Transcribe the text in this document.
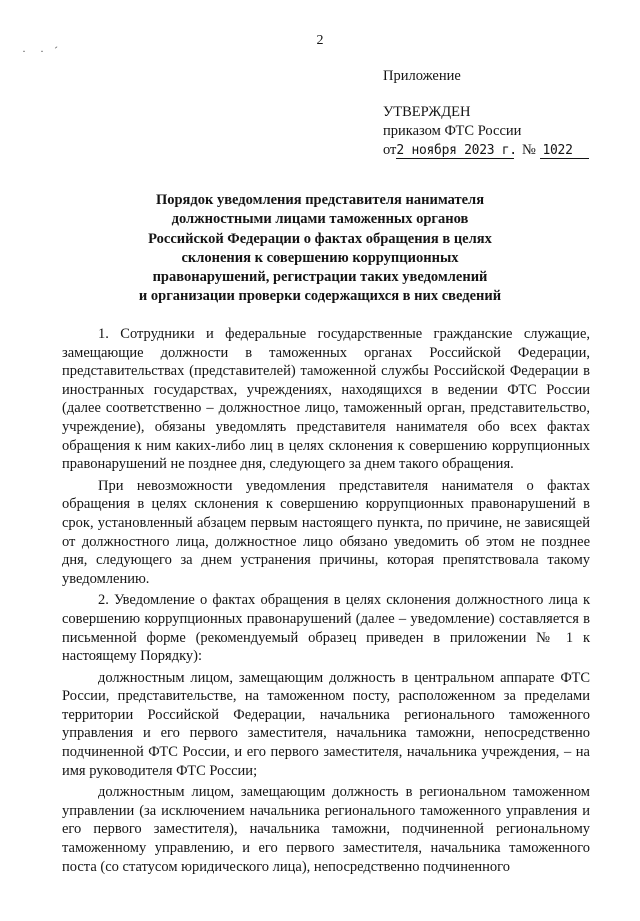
2
· · ˊ
Приложение
УТВЕРЖДЕН
приказом ФТС России
от2 ноября 2023 г. № 1022
Порядок уведомления представителя нанимателя
должностными лицами таможенных органов
Российской Федерации о фактах обращения в целях
склонения к совершению коррупционных
правонарушений, регистрации таких уведомлений
и организации проверки содержащихся в них сведений

1. Сотрудники и федеральные государственные гражданские служащие, замещающие должности в таможенных органах Российской Федерации, представительствах (представителей) таможенной службы Российской Федерации в иностранных государствах, учреждениях, находящихся в ведении ФТС России (далее соответственно – должностное лицо, таможенный орган, представительство, учреждение), обязаны уведомлять представителя нанимателя обо всех фактах обращения к ним каких-либо лиц в целях склонения к совершению коррупционных правонарушений не позднее дня, следующего за днем такого обращения.

При невозможности уведомления представителя нанимателя о фактах обращения в целях склонения к совершению коррупционных правонарушений в срок, установленный абзацем первым настоящего пункта, по причине, не зависящей от должностного лица, должностное лицо обязано уведомить об этом не позднее дня, следующего за днем устранения причины, которая препятствовала такому уведомлению.

2. Уведомление о фактах обращения в целях склонения должностного лица к совершению коррупционных правонарушений (далее – уведомление) составляется в письменной форме (рекомендуемый образец приведен в приложении № 1 к настоящему Порядку):

должностным лицом, замещающим должность в центральном аппарате ФТС России, представительстве, на таможенном посту, расположенном за пределами территории Российской Федерации, начальника регионального таможенного управления и его первого заместителя, начальника таможни, непосредственно подчиненной ФТС России, и его первого заместителя, начальника учреждения, – на имя руководителя ФТС России;

должностным лицом, замещающим должность в региональном таможенном управлении (за исключением начальника регионального таможенного управления и его первого заместителя), начальника таможни, подчиненной региональному таможенному управлению, и его первого заместителя, начальника таможенного поста (со статусом юридического лица), непосредственно подчиненного
